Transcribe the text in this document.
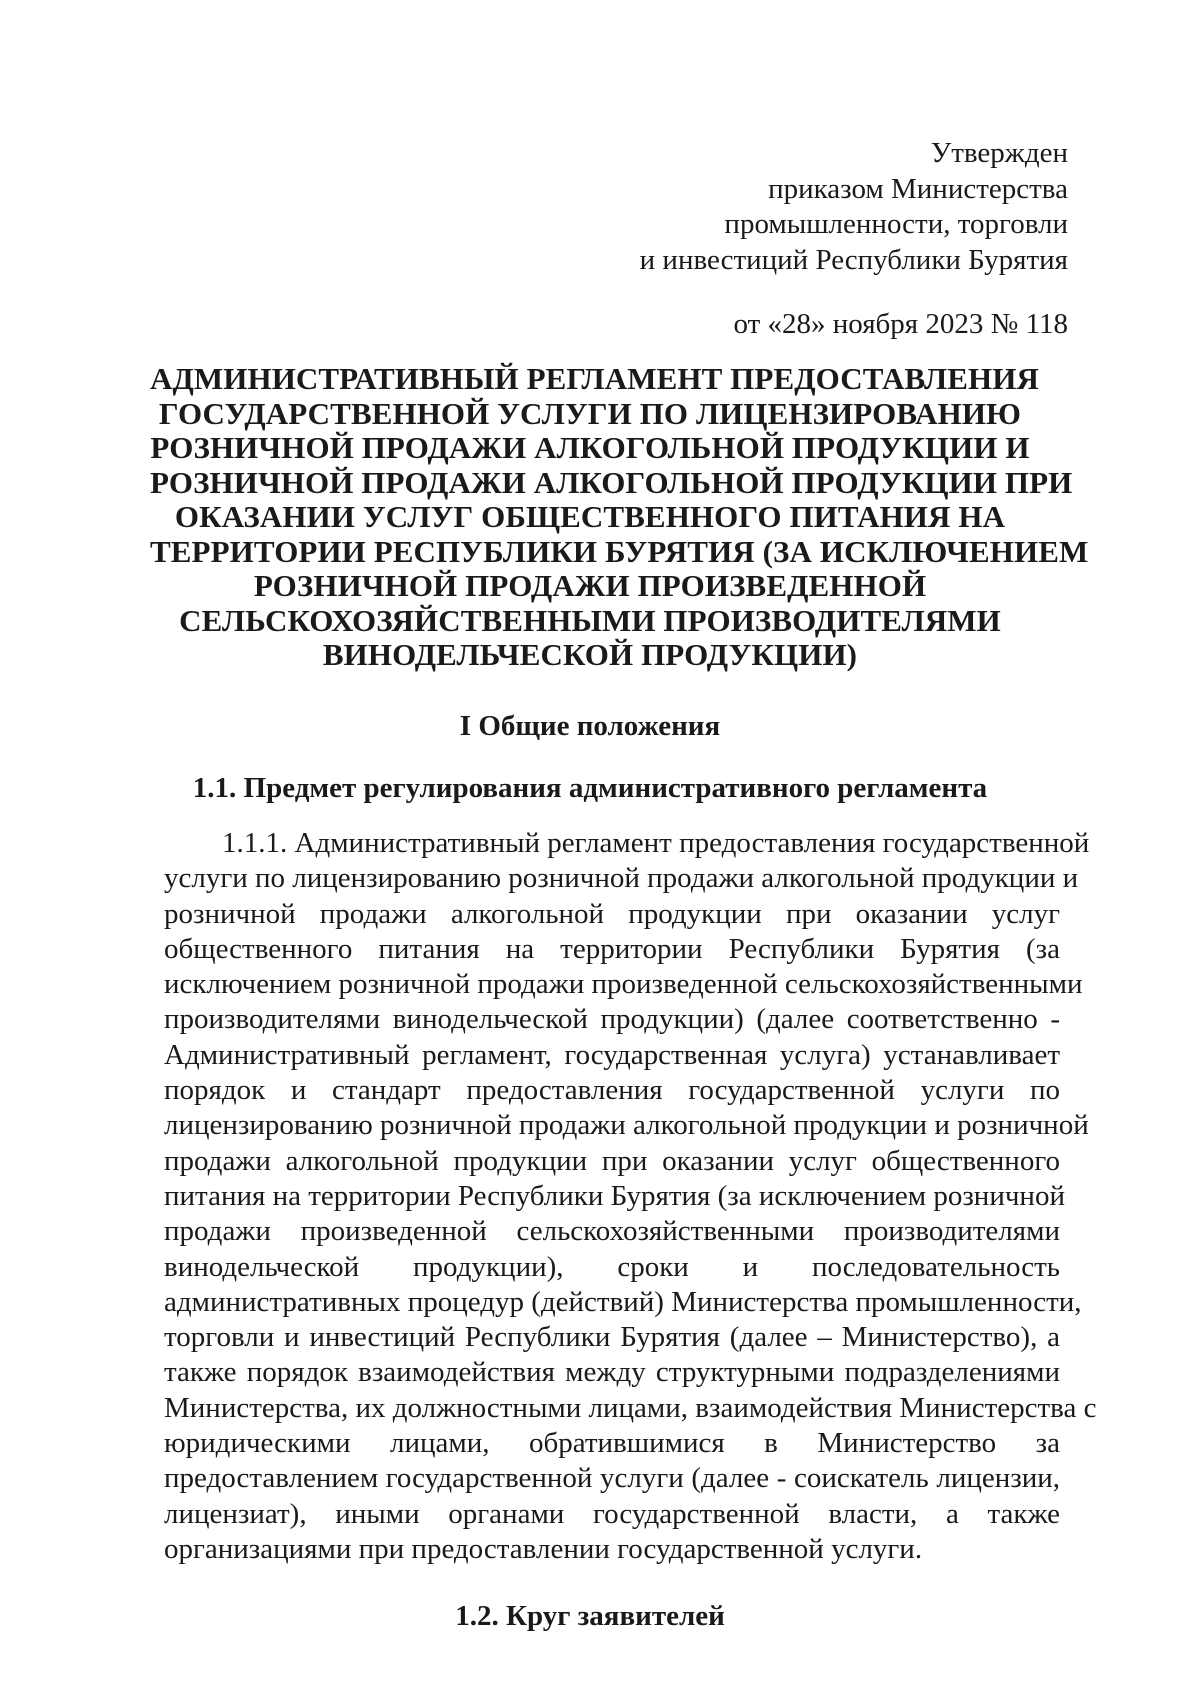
Утвержден
приказом Министерства
промышленности, торговли
и инвестиций Республики Бурятия
от «28» ноября 2023 № 118
АДМИНИСТРАТИВНЫЙ РЕГЛАМЕНТ ПРЕДОСТАВЛЕНИЯ
ГОСУДАРСТВЕННОЙ УСЛУГИ ПО ЛИЦЕНЗИРОВАНИЮ
РОЗНИЧНОЙ ПРОДАЖИ АЛКОГОЛЬНОЙ ПРОДУКЦИИ И
РОЗНИЧНОЙ ПРОДАЖИ АЛКОГОЛЬНОЙ ПРОДУКЦИИ ПРИ
ОКАЗАНИИ УСЛУГ ОБЩЕСТВЕННОГО ПИТАНИЯ НА
ТЕРРИТОРИИ РЕСПУБЛИКИ БУРЯТИЯ (ЗА ИСКЛЮЧЕНИЕМ
РОЗНИЧНОЙ ПРОДАЖИ ПРОИЗВЕДЕННОЙ
СЕЛЬСКОХОЗЯЙСТВЕННЫМИ ПРОИЗВОДИТЕЛЯМИ
ВИНОДЕЛЬЧЕСКОЙ ПРОДУКЦИИ)
I Общие положения
1.1. Предмет регулирования административного регламента
1.1.1. Административный регламент предоставления государственной
услуги по лицензированию розничной продажи алкогольной продукции и
розничной продажи алкогольной продукции при оказании услуг
общественного питания на территории Республики Бурятия (за
исключением розничной продажи произведенной сельскохозяйственными
производителями винодельческой продукции) (далее соответственно -
Административный регламент, государственная услуга) устанавливает
порядок и стандарт предоставления государственной услуги по
лицензированию розничной продажи алкогольной продукции и розничной
продажи алкогольной продукции при оказании услуг общественного
питания на территории Республики Бурятия (за исключением розничной
продажи произведенной сельскохозяйственными производителями
винодельческой продукции), сроки и последовательность
административных процедур (действий) Министерства промышленности,
торговли и инвестиций Республики Бурятия (далее – Министерство), а
также порядок взаимодействия между структурными подразделениями
Министерства, их должностными лицами, взаимодействия Министерства с
юридическими лицами, обратившимися в Министерство за
предоставлением государственной услуги (далее - соискатель лицензии,
лицензиат), иными органами государственной власти, а также
организациями при предоставлении государственной услуги.
1.2. Круг заявителей
